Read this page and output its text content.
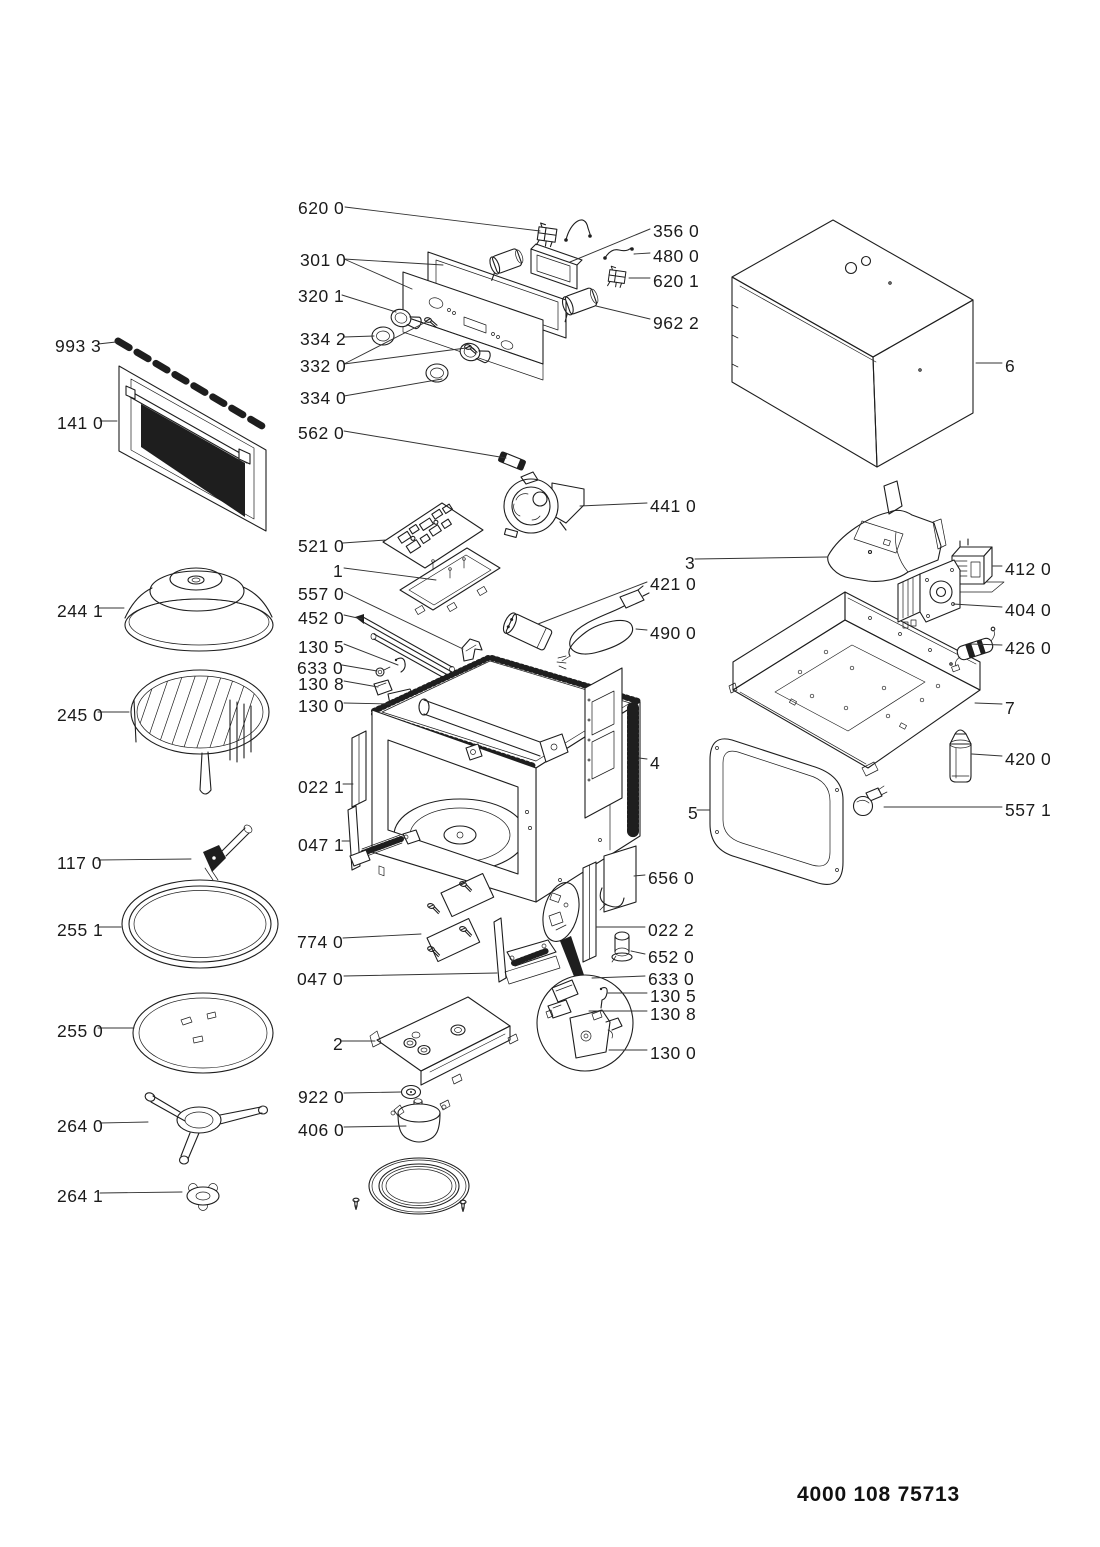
620 0
301 0
320 1
334 2
332 0
334 0
993 3
141 0	562 0
356 0
480 0
620 1
962 2
6
441 0
521 0
1
557 0
452 0
130 5
633 0
130 8
130 0
244 1
245 0
3
421 0
490 0
412 0
404 0
426 0
7
420 0
557 1
5
4
022 1
047 1
117 0
255 1
656 0
774 0
047 0
022 2
652 0
633 0
130 5
130 8
130 0
255 0
2
922 0
406 0
264 0
264 1
4000 108 75713
